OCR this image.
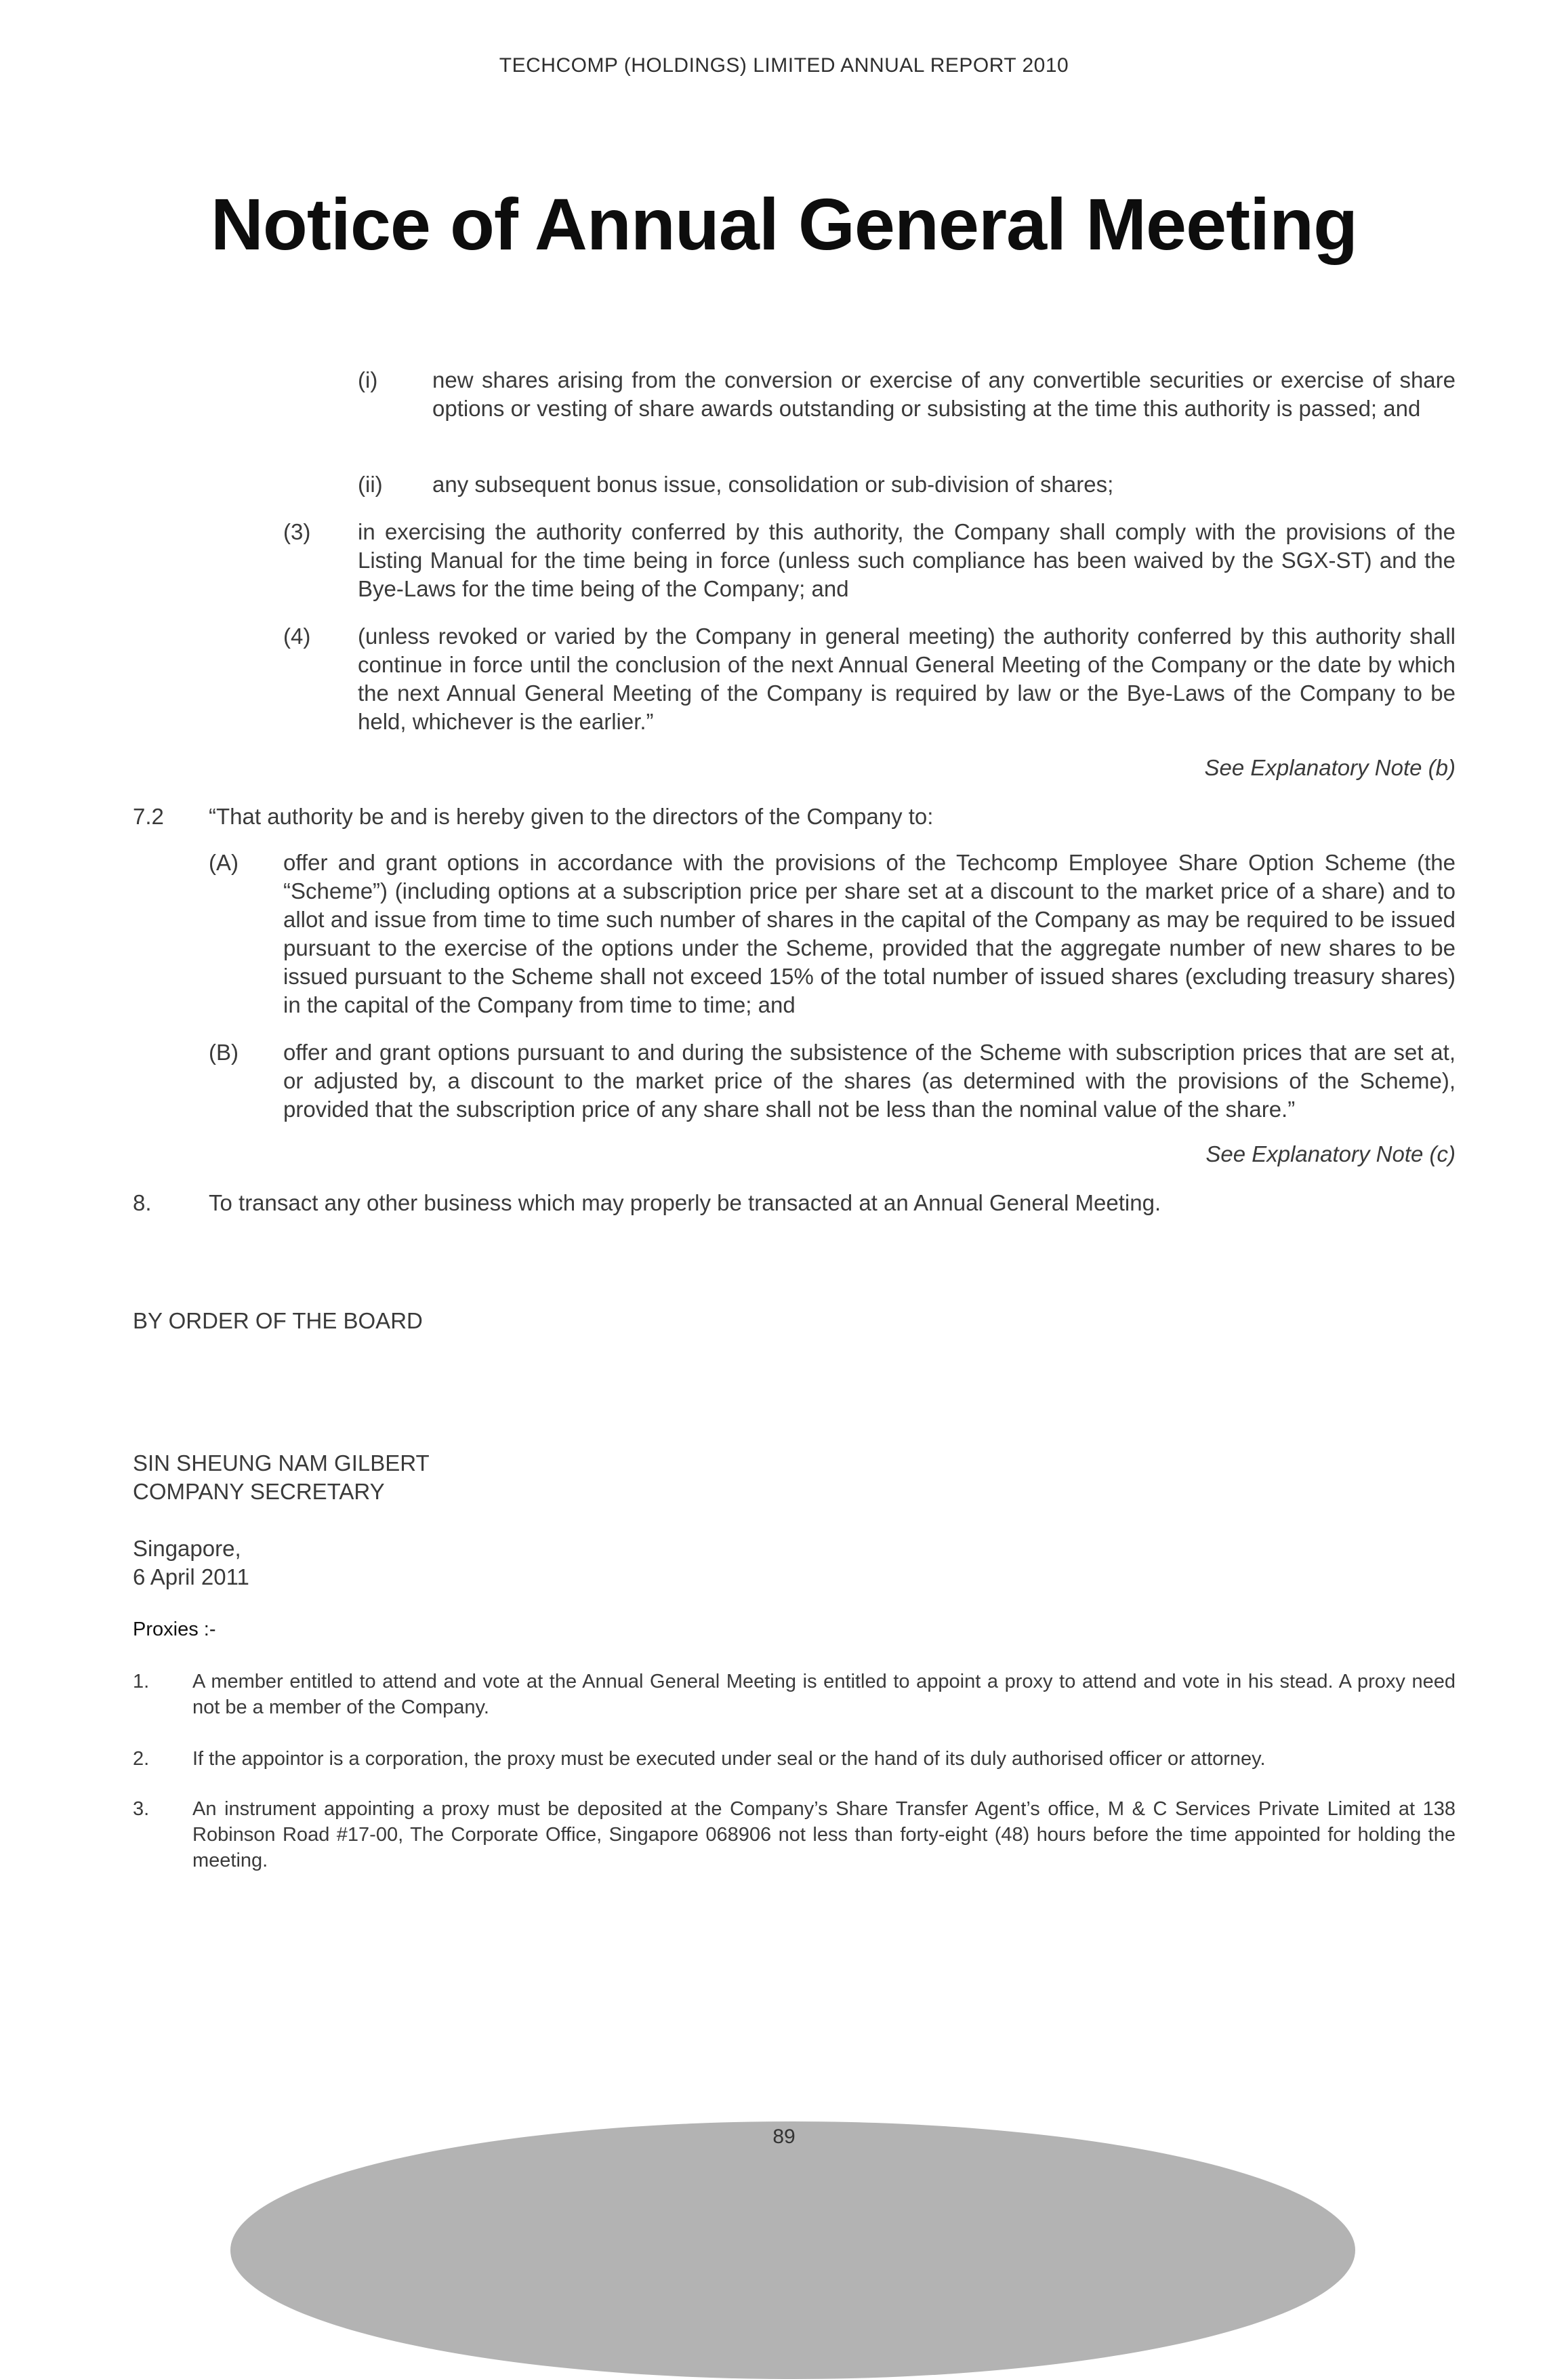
TECHCOMP (HOLDINGS) LIMITED ANNUAL REPORT 2010
Notice of Annual General Meeting
(i) new shares arising from the conversion or exercise of any convertible securities or exercise of share options or vesting of share awards outstanding or subsisting at the time this authority is passed; and
(ii) any subsequent bonus issue, consolidation or sub-division of shares;
(3) in exercising the authority conferred by this authority, the Company shall comply with the provisions of the Listing Manual for the time being in force (unless such compliance has been waived by the SGX-ST) and the Bye-Laws for the time being of the Company; and
(4) (unless revoked or varied by the Company in general meeting) the authority conferred by this authority shall continue in force until the conclusion of the next Annual General Meeting of the Company or the date by which the next Annual General Meeting of the Company is required by law or the Bye-Laws of the Company to be held, whichever is the earlier.”
See Explanatory Note (b)
7.2 “That authority be and is hereby given to the directors of the Company to:
(A) offer and grant options in accordance with the provisions of the Techcomp Employee Share Option Scheme (the “Scheme”) (including options at a subscription price per share set at a discount to the market price of a share) and to allot and issue from time to time such number of shares in the capital of the Company as may be required to be issued pursuant to the exercise of the options under the Scheme, provided that the aggregate number of new shares to be issued pursuant to the Scheme shall not exceed 15% of the total number of issued shares (excluding treasury shares) in the capital of the Company from time to time; and
(B) offer and grant options pursuant to and during the subsistence of the Scheme with subscription prices that are set at, or adjusted by, a discount to the market price of the shares (as determined with the provisions of the Scheme), provided that the subscription price of any share shall not be less than the nominal value of the share.”
See Explanatory Note (c)
8.	To transact any other business which may properly be transacted at an Annual General Meeting.
BY ORDER OF THE BOARD
SIN SHEUNG NAM GILBERT
COMPANY SECRETARY
Singapore,
6 April 2011
Proxies :-
1. A member entitled to attend and vote at the Annual General Meeting is entitled to appoint a proxy to attend and vote in his stead. A proxy need not be a member of the Company.
2. If the appointor is a corporation, the proxy must be executed under seal or the hand of its duly authorised officer or attorney.
3. An instrument appointing a proxy must be deposited at the Company’s Share Transfer Agent’s office, M & C Services Private Limited at 138 Robinson Road #17-00, The Corporate Office, Singapore 068906 not less than forty-eight (48) hours before the time appointed for holding the meeting.
89
